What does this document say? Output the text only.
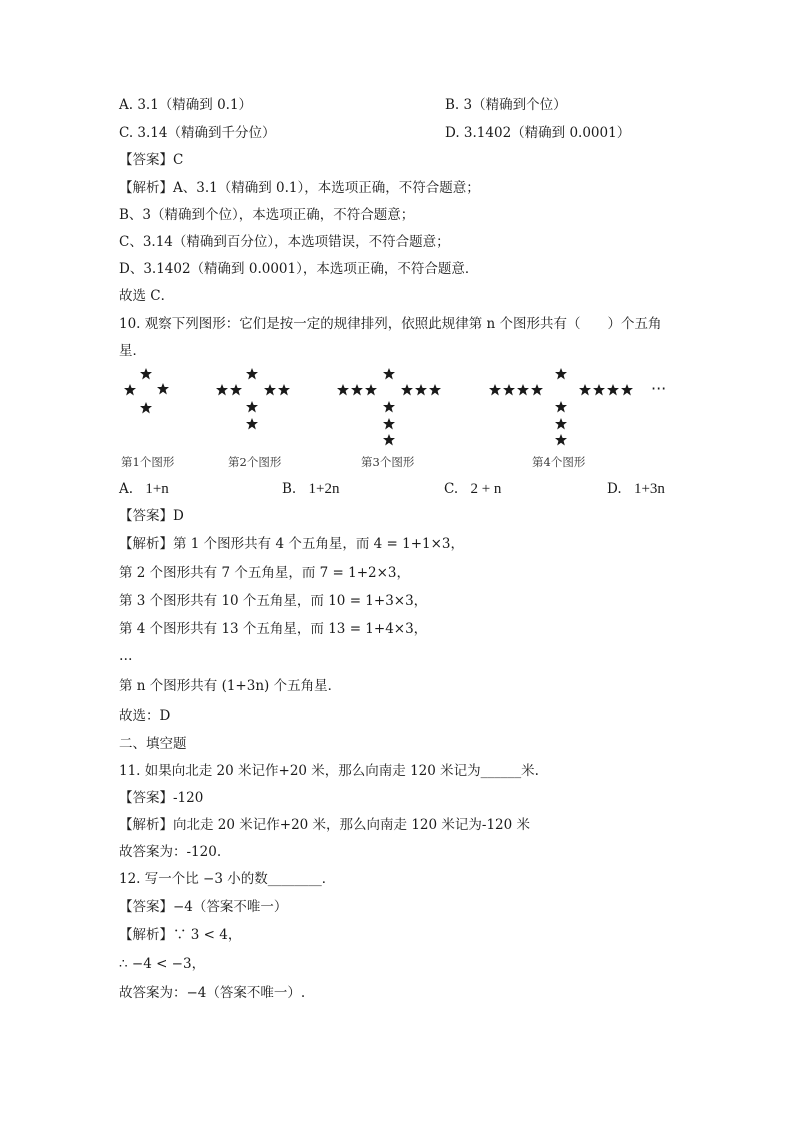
A. 3.1（精确到 0.1）	B. 3（精确到个位）
C. 3.14（精确到千分位）	D. 3.1402（精确到 0.0001）
【答案】C
【解析】A、3.1（精确到 0.1），本选项正确，不符合题意；
B、3（精确到个位），本选项正确，不符合题意；
C、3.14（精确到百分位），本选项错误，不符合题意；
D、3.1402（精确到 0.0001），本选项正确，不符合题意．
故选 C．
10. 观察下列图形：它们是按一定的规律排列，依照此规律第 n 个图形共有（　　）个五角
星．
···
第1个图形	第2个图形	第3个图形	第4个图形
A. 1+n	B. 1+2n	C. 2 + n	D. 1+3n
【答案】D
【解析】第 1 个图形共有 4 个五角星，而 4 = 1+1×3，
第 2 个图形共有 7 个五角星，而 7 = 1+2×3，
第 3 个图形共有 10 个五角星，而 10 = 1+3×3，
第 4 个图形共有 13 个五角星，而 13 = 1+4×3，
…
第 n 个图形共有 (1+3n) 个五角星．
故选：D
二、填空题
11. 如果向北走 20 米记作+20 米，那么向南走 120 米记为______米.
【答案】-120
【解析】向北走 20 米记作+20 米，那么向南走 120 米记为-120 米
故答案为：-120.
12. 写一个比 −3 小的数________．
【答案】−4（答案不唯一）
【解析】∵ 3 < 4，
∴ −4 < −3，
故答案为：−4（答案不唯一）.
